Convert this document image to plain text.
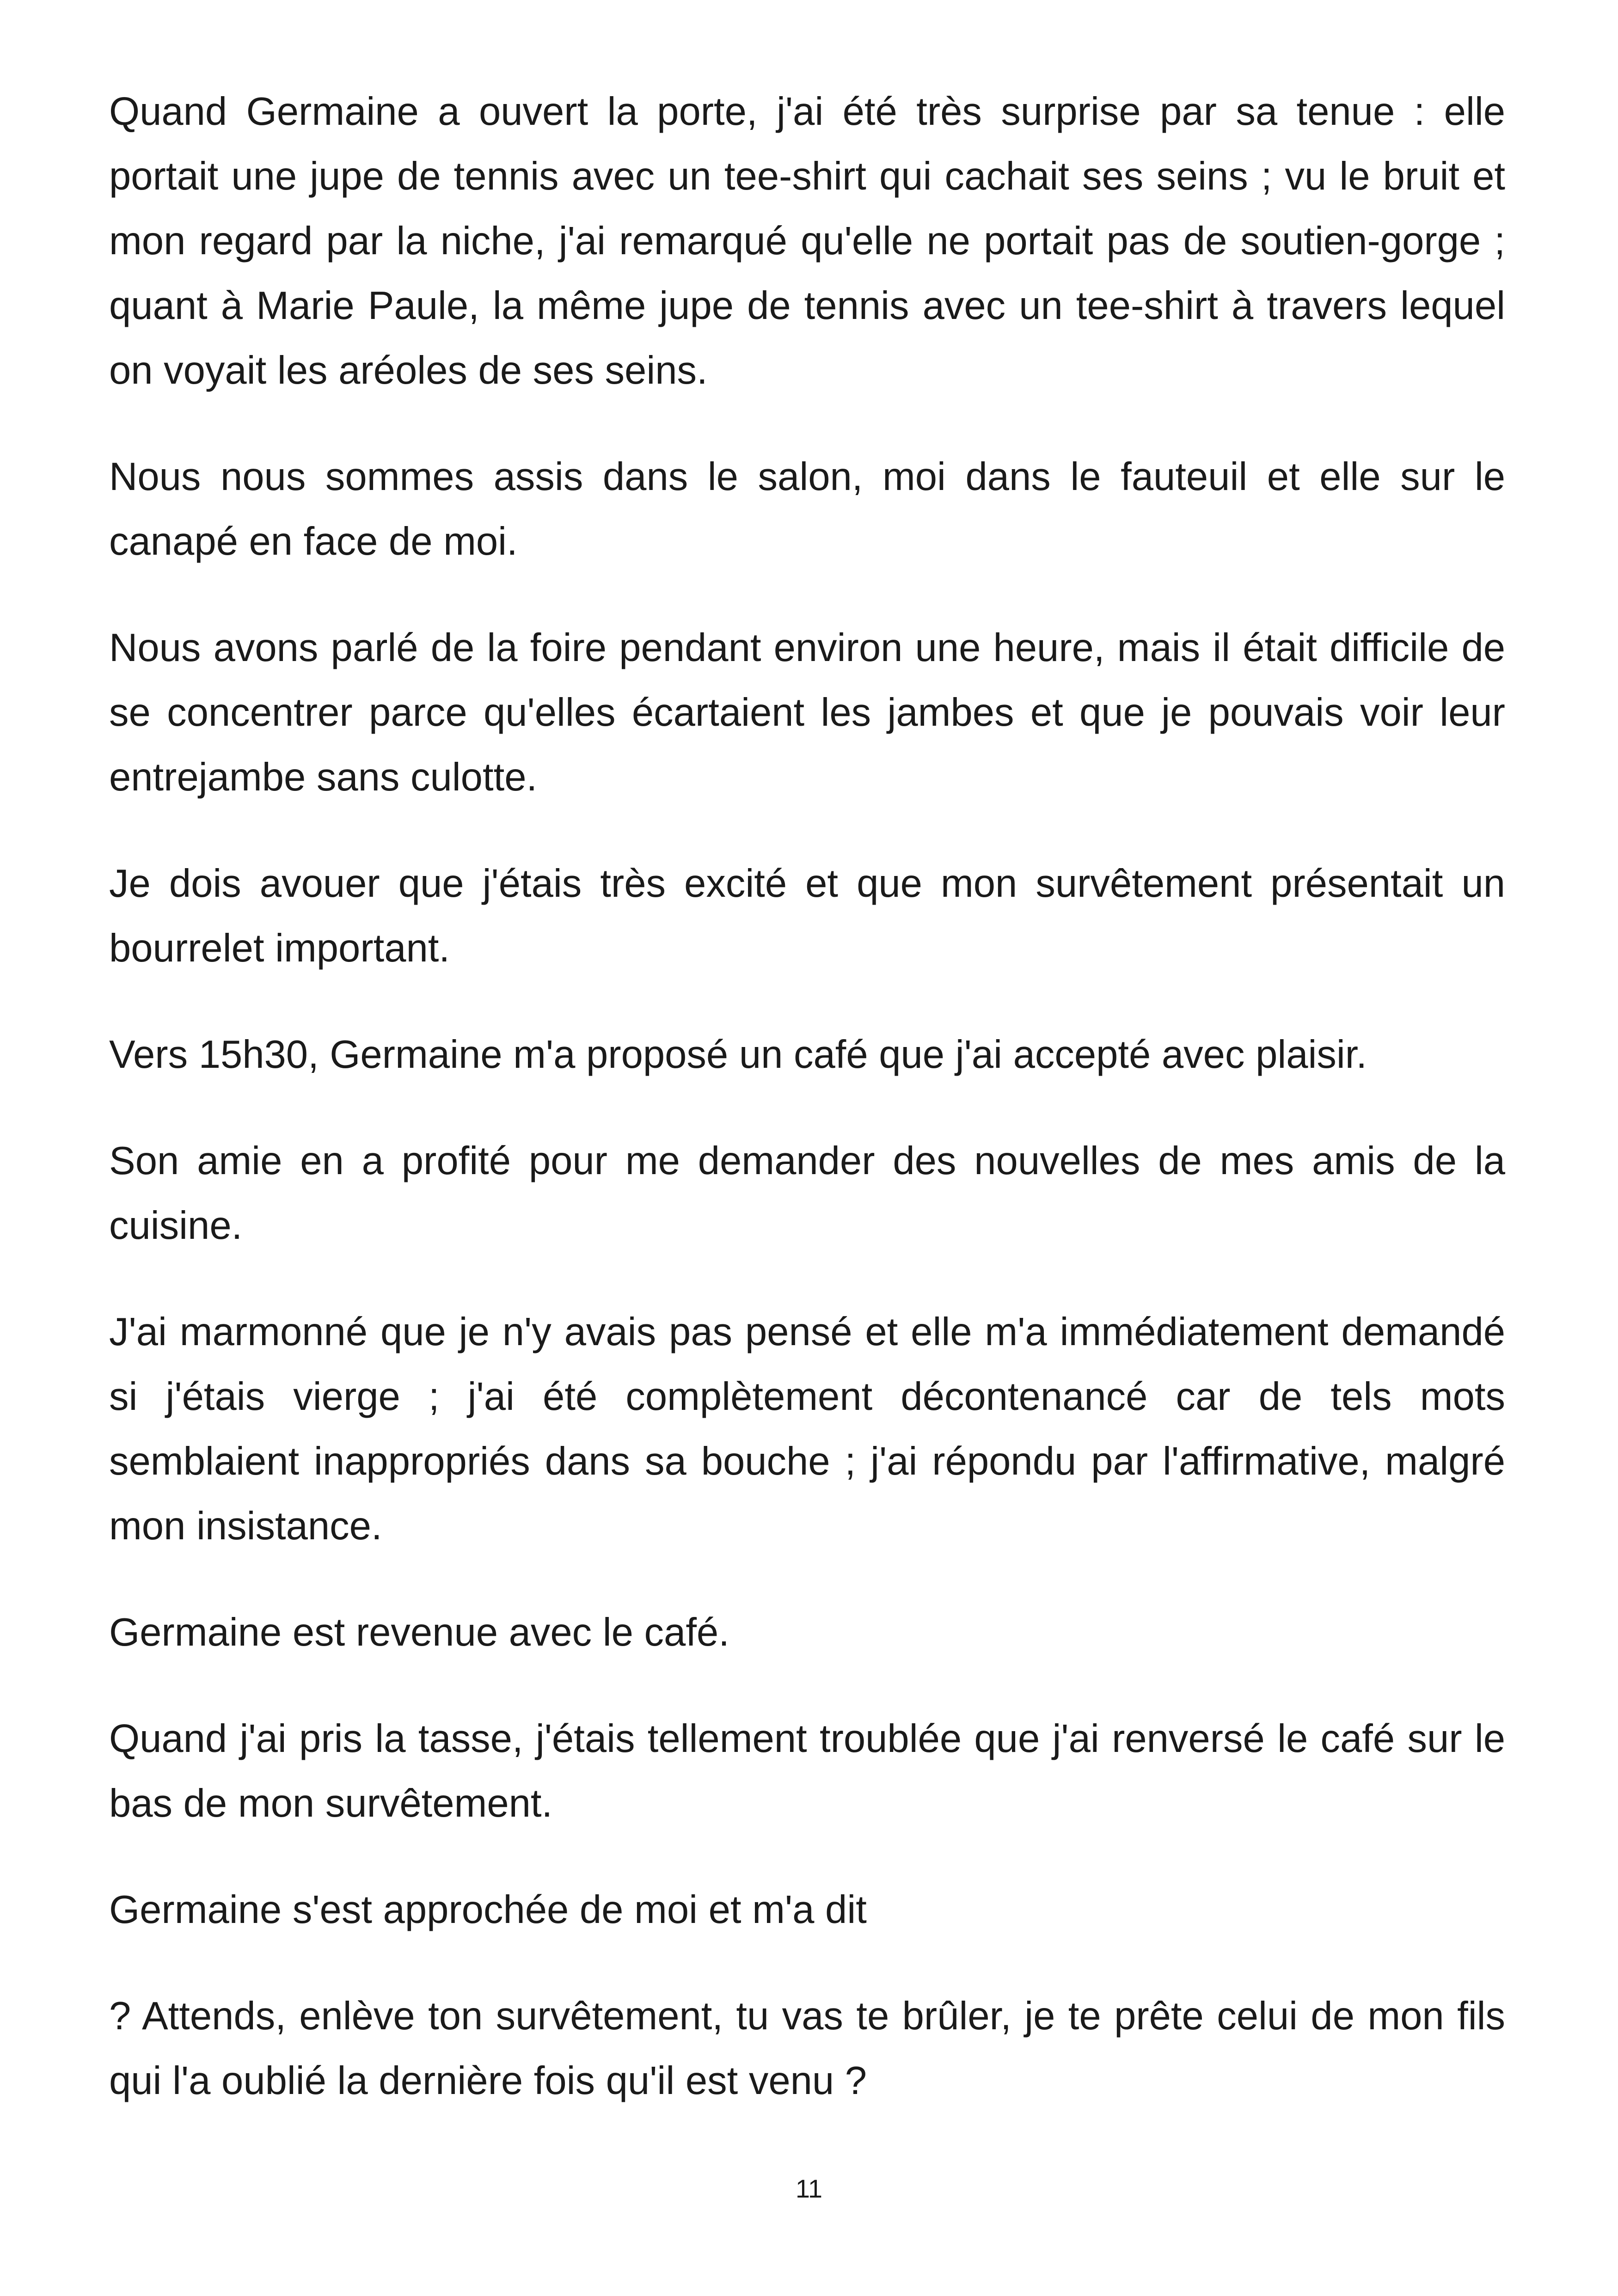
Quand Germaine a ouvert la porte, j'ai été très surprise par sa tenue : elle portait une jupe de tennis avec un tee-shirt qui cachait ses seins ; vu le bruit et mon regard par la niche, j'ai remarqué qu'elle ne portait pas de soutien-gorge ; quant à Marie Paule, la même jupe de tennis avec un tee-shirt à travers lequel on voyait les aréoles de ses seins.

Nous nous sommes assis dans le salon, moi dans le fauteuil et elle sur le canapé en face de moi.

Nous avons parlé de la foire pendant environ une heure, mais il était difficile de se concentrer parce qu'elles écartaient les jambes et que je pouvais voir leur entrejambe sans culotte.

Je dois avouer que j'étais très excité et que mon survêtement présentait un bourrelet important.

Vers 15h30, Germaine m'a proposé un café que j'ai accepté avec plaisir.

Son amie en a profité pour me demander des nouvelles de mes amis de la cuisine.

J'ai marmonné que je n'y avais pas pensé et elle m'a immédiatement demandé si j'étais vierge ; j'ai été complètement décontenancé car de tels mots semblaient inappropriés dans sa bouche ; j'ai répondu par l'affirmative, malgré mon insistance.

Germaine est revenue avec le café.

Quand j'ai pris la tasse, j'étais tellement troublée que j'ai renversé le café sur le bas de mon survêtement.

Germaine s'est approchée de moi et m'a dit

? Attends, enlève ton survêtement, tu vas te brûler, je te prête celui de mon fils qui l'a oublié la dernière fois qu'il est venu ?

11
